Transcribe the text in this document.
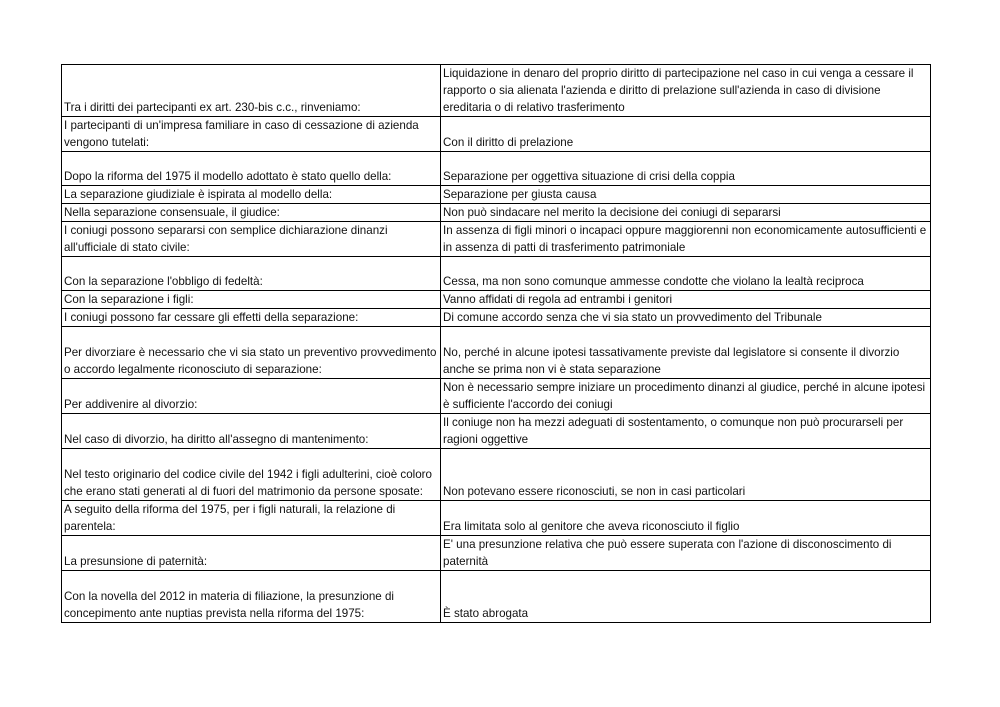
Tra i diritti dei partecipanti ex art. 230-bis c.c., rinveniamo:	Liquidazione in denaro del proprio diritto di partecipazione nel caso in cui venga a cessare il rapporto o sia alienata l'azienda e diritto di prelazione sull'azienda in caso di divisione ereditaria o di relativo trasferimento
I partecipanti di un'impresa familiare in caso di cessazione di azienda vengono tutelati:	Con il diritto di prelazione
Dopo la riforma del 1975 il modello adottato è stato quello della:	Separazione per oggettiva situazione di crisi della coppia
La separazione giudiziale è ispirata al modello della:	Separazione per giusta causa
Nella separazione consensuale, il giudice:	Non può sindacare nel merito la decisione dei coniugi di separarsi
I coniugi possono separarsi con semplice dichiarazione dinanzi all'ufficiale di stato civile:	In assenza di figli minori o incapaci oppure maggiorenni non economicamente autosufficienti e in assenza di patti di trasferimento patrimoniale
Con la separazione l'obbligo di fedeltà:	Cessa, ma non sono comunque ammesse condotte che violano la lealtà reciproca
Con la separazione i figli:	Vanno affidati di regola ad entrambi i genitori
I coniugi possono far cessare gli effetti della separazione:	Di comune accordo senza che vi sia stato un provvedimento del Tribunale
Per divorziare è necessario che vi sia stato un preventivo provvedimento o accordo legalmente riconosciuto di separazione:	No, perché in alcune ipotesi tassativamente previste dal legislatore si consente il divorzio anche se prima non vi è stata separazione
Per addivenire al divorzio:	Non è necessario sempre iniziare un procedimento dinanzi al giudice, perché in alcune ipotesi è sufficiente l'accordo dei coniugi
Nel caso di divorzio, ha diritto all'assegno di mantenimento:	Il coniuge non ha mezzi adeguati di sostentamento, o comunque non può procurarseli per ragioni oggettive
Nel testo originario del codice civile del 1942 i figli adulterini, cioè coloro che erano stati generati al di fuori del matrimonio da persone sposate:	Non potevano essere riconosciuti, se non in casi particolari
A seguito della riforma del 1975, per i figli naturali, la relazione di parentela:	Era limitata solo al genitore che aveva riconosciuto il figlio
La presunsione di paternità:	E' una presunzione relativa che può essere superata con l'azione di disconoscimento di paternità
Con la novella del 2012 in materia di filiazione, la presunzione di concepimento ante nuptias prevista nella riforma del 1975:	È stato abrogata
